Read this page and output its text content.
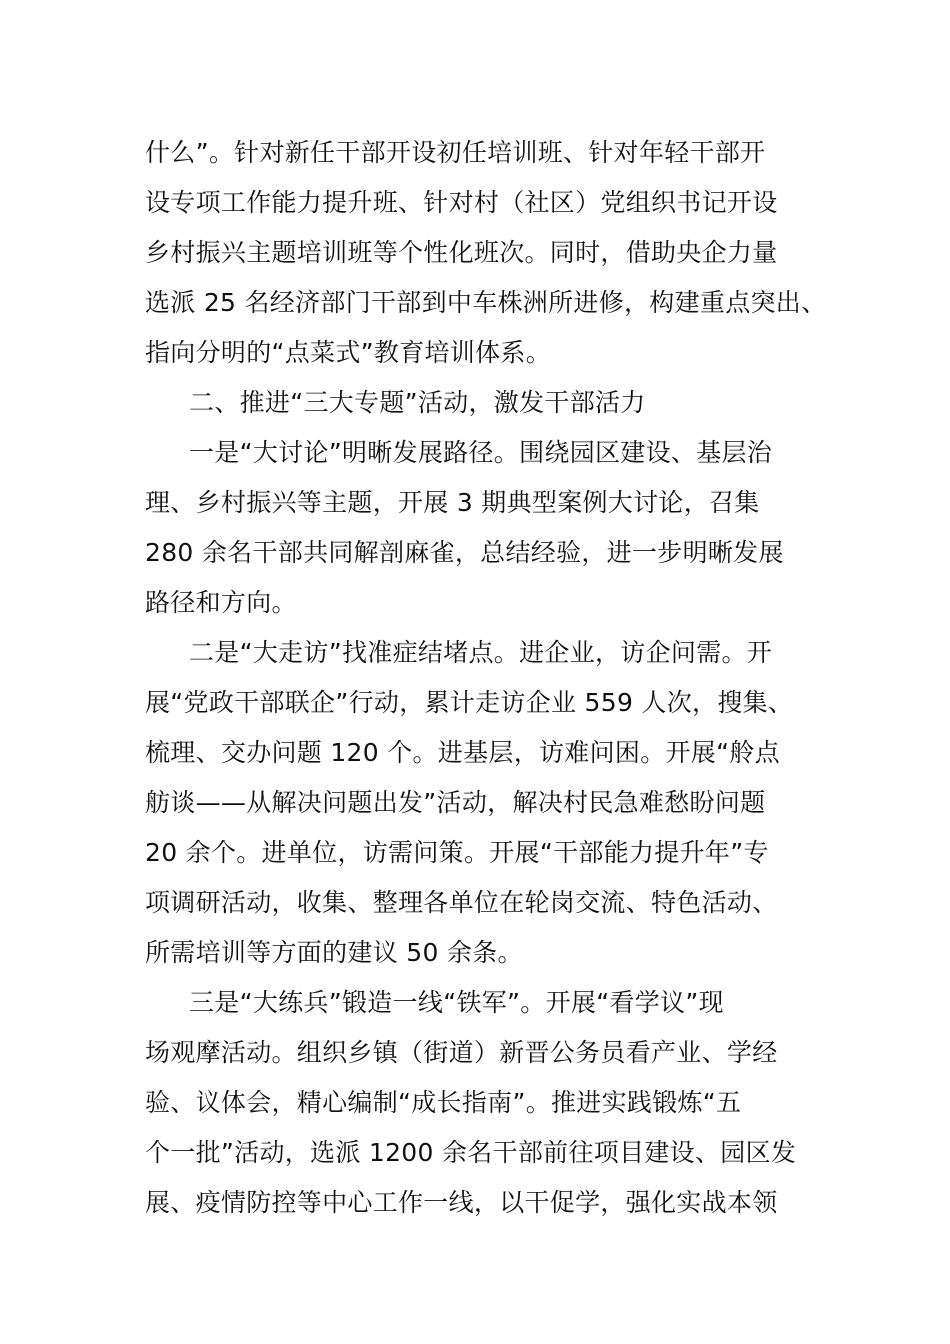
什么”。针对新任干部开设初任培训班、针对年轻干部开
设专项工作能力提升班、针对村（社区）党组织书记开设
乡村振兴主题培训班等个性化班次。同时，借助央企力量
选派 25 名经济部门干部到中车株洲所进修，构建重点突出、
指向分明的“点菜式”教育培训体系。
二、推进“三大专题”活动，激发干部活力
一是“大讨论”明晰发展路径。围绕园区建设、基层治
理、乡村振兴等主题，开展 3 期典型案例大讨论，召集
280 余名干部共同解剖麻雀，总结经验，进一步明晰发展
路径和方向。
二是“大走访”找准症结堵点。进企业，访企问需。开
展“党政干部联企”行动，累计走访企业 559 人次，搜集、
梳理、交办问题 120 个。进基层，访难问困。开展“舲点
舫谈——从解决问题出发”活动，解决村民急难愁盼问题
20 余个。进单位，访需问策。开展“干部能力提升年”专
项调研活动，收集、整理各单位在轮岗交流、特色活动、
所需培训等方面的建议 50 余条。
三是“大练兵”锻造一线“铁军”。开展“看学议”现
场观摩活动。组织乡镇（街道）新晋公务员看产业、学经
验、议体会，精心编制“成长指南”。推进实践锻炼“五
个一批”活动，选派 1200 余名干部前往项目建设、园区发
展、疫情防控等中心工作一线，以干促学，强化实战本领
